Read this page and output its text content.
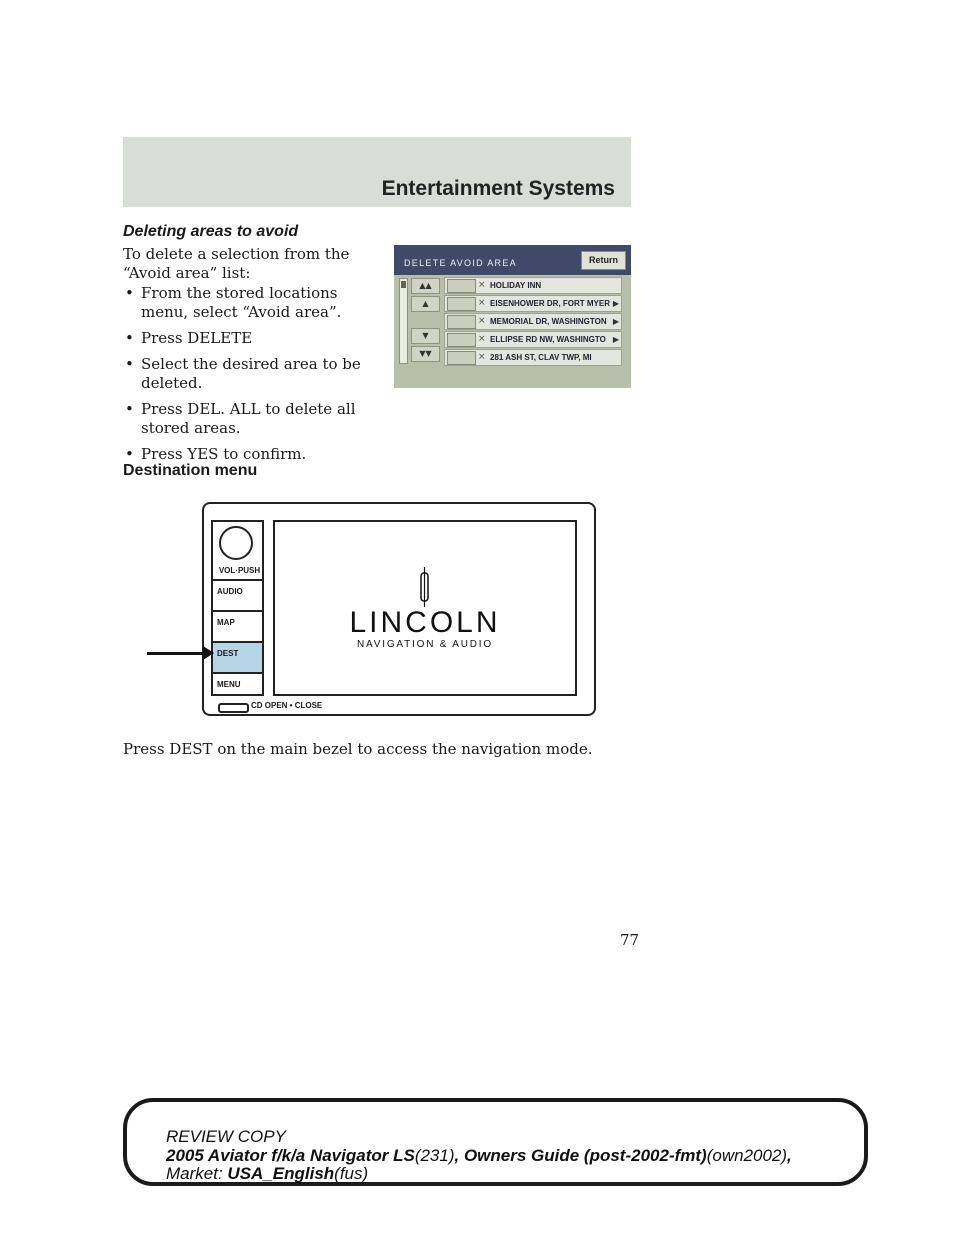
Entertainment Systems
Deleting areas to avoid
To delete a selection from the “Avoid area” list:
• From the stored locations menu, select “Avoid area”.
• Press DELETE
• Select the desired area to be deleted.
• Press DEL. ALL to delete all stored areas.
• Press YES to confirm.
DELETE AVOID AREA	Return
▲▲
▲
▼
▼▼
⨯ HOLIDAY INN
⨯ EISENHOWER DR, FORT MYER ▶
⨯ MEMORIAL DR, WASHINGTON ▶
⨯ ELLIPSE RD NW, WASHINGTO ▶
⨯ 281 ASH ST, CLAV TWP, MI
Destination menu
VOL·PUSH
AUDIO
MAP
DEST
MENU
LINCOLN
NAVIGATION & AUDIO
CD OPEN • CLOSE
Press DEST on the main bezel to access the navigation mode.
77
REVIEW COPY
2005 Aviator f/k/a Navigator LS(231), Owners Guide (post-2002-fmt)(own2002),
Market: USA_English(fus)
